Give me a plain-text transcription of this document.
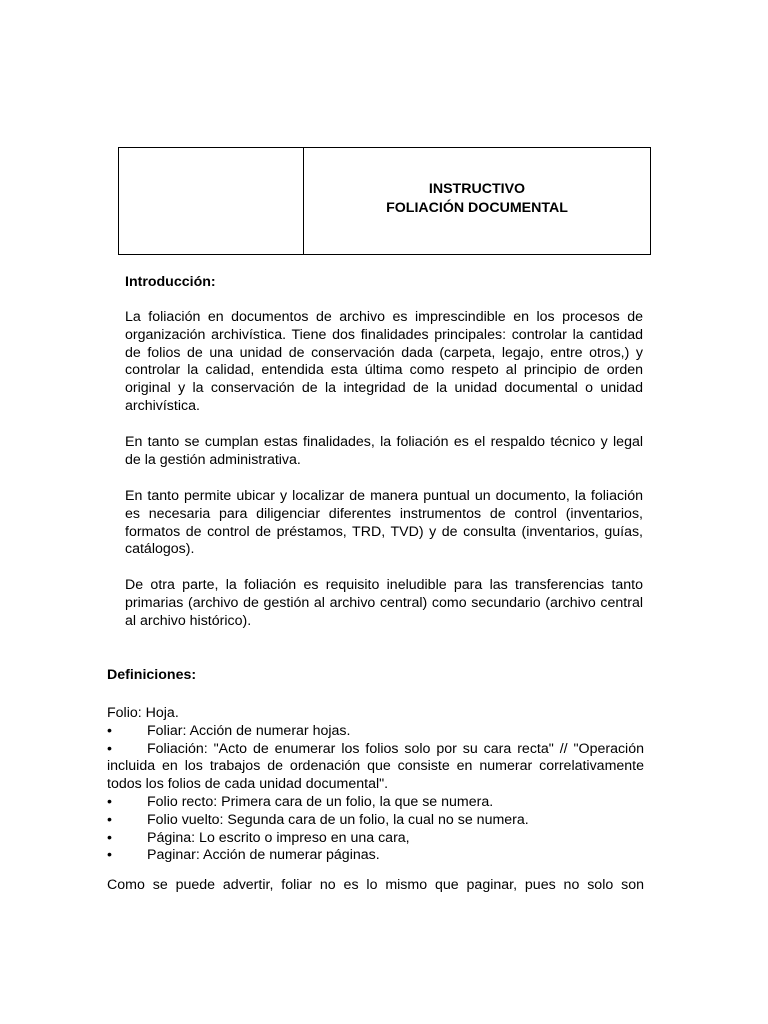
INSTRUCTIVO
FOLIACIÓN DOCUMENTAL
Introducción:

La foliación en documentos de archivo es imprescindible en los procesos de organización archivística. Tiene dos finalidades principales: controlar la cantidad de folios de una unidad de conservación dada (carpeta, legajo, entre otros,) y controlar la calidad, entendida esta última como respeto al principio de orden original y la conservación de la integridad de la unidad documental o unidad archivística.

En tanto se cumplan estas finalidades, la foliación es el respaldo técnico y legal de la gestión administrativa.

En tanto permite ubicar y localizar de manera puntual un documento, la foliación es necesaria para diligenciar diferentes instrumentos de control (inventarios, formatos de control de préstamos, TRD, TVD) y de consulta (inventarios, guías, catálogos).

De otra parte, la foliación es requisito ineludible para las transferencias tanto primarias (archivo de gestión al archivo central) como secundario (archivo central al archivo histórico).

Definiciones:
Folio: Hoja.
• Foliar: Acción de numerar hojas.
• Foliación: "Acto de enumerar los folios solo por su cara recta" // "Operación incluida en los trabajos de ordenación que consiste en numerar correlativamente todos los folios de cada unidad documental".
• Folio recto: Primera cara de un folio, la que se numera.
• Folio vuelto: Segunda cara de un folio, la cual no se numera.
• Página: Lo escrito o impreso en una cara,
• Paginar: Acción de numerar páginas.

Como se puede advertir, foliar no es lo mismo que paginar, pues no solo son
